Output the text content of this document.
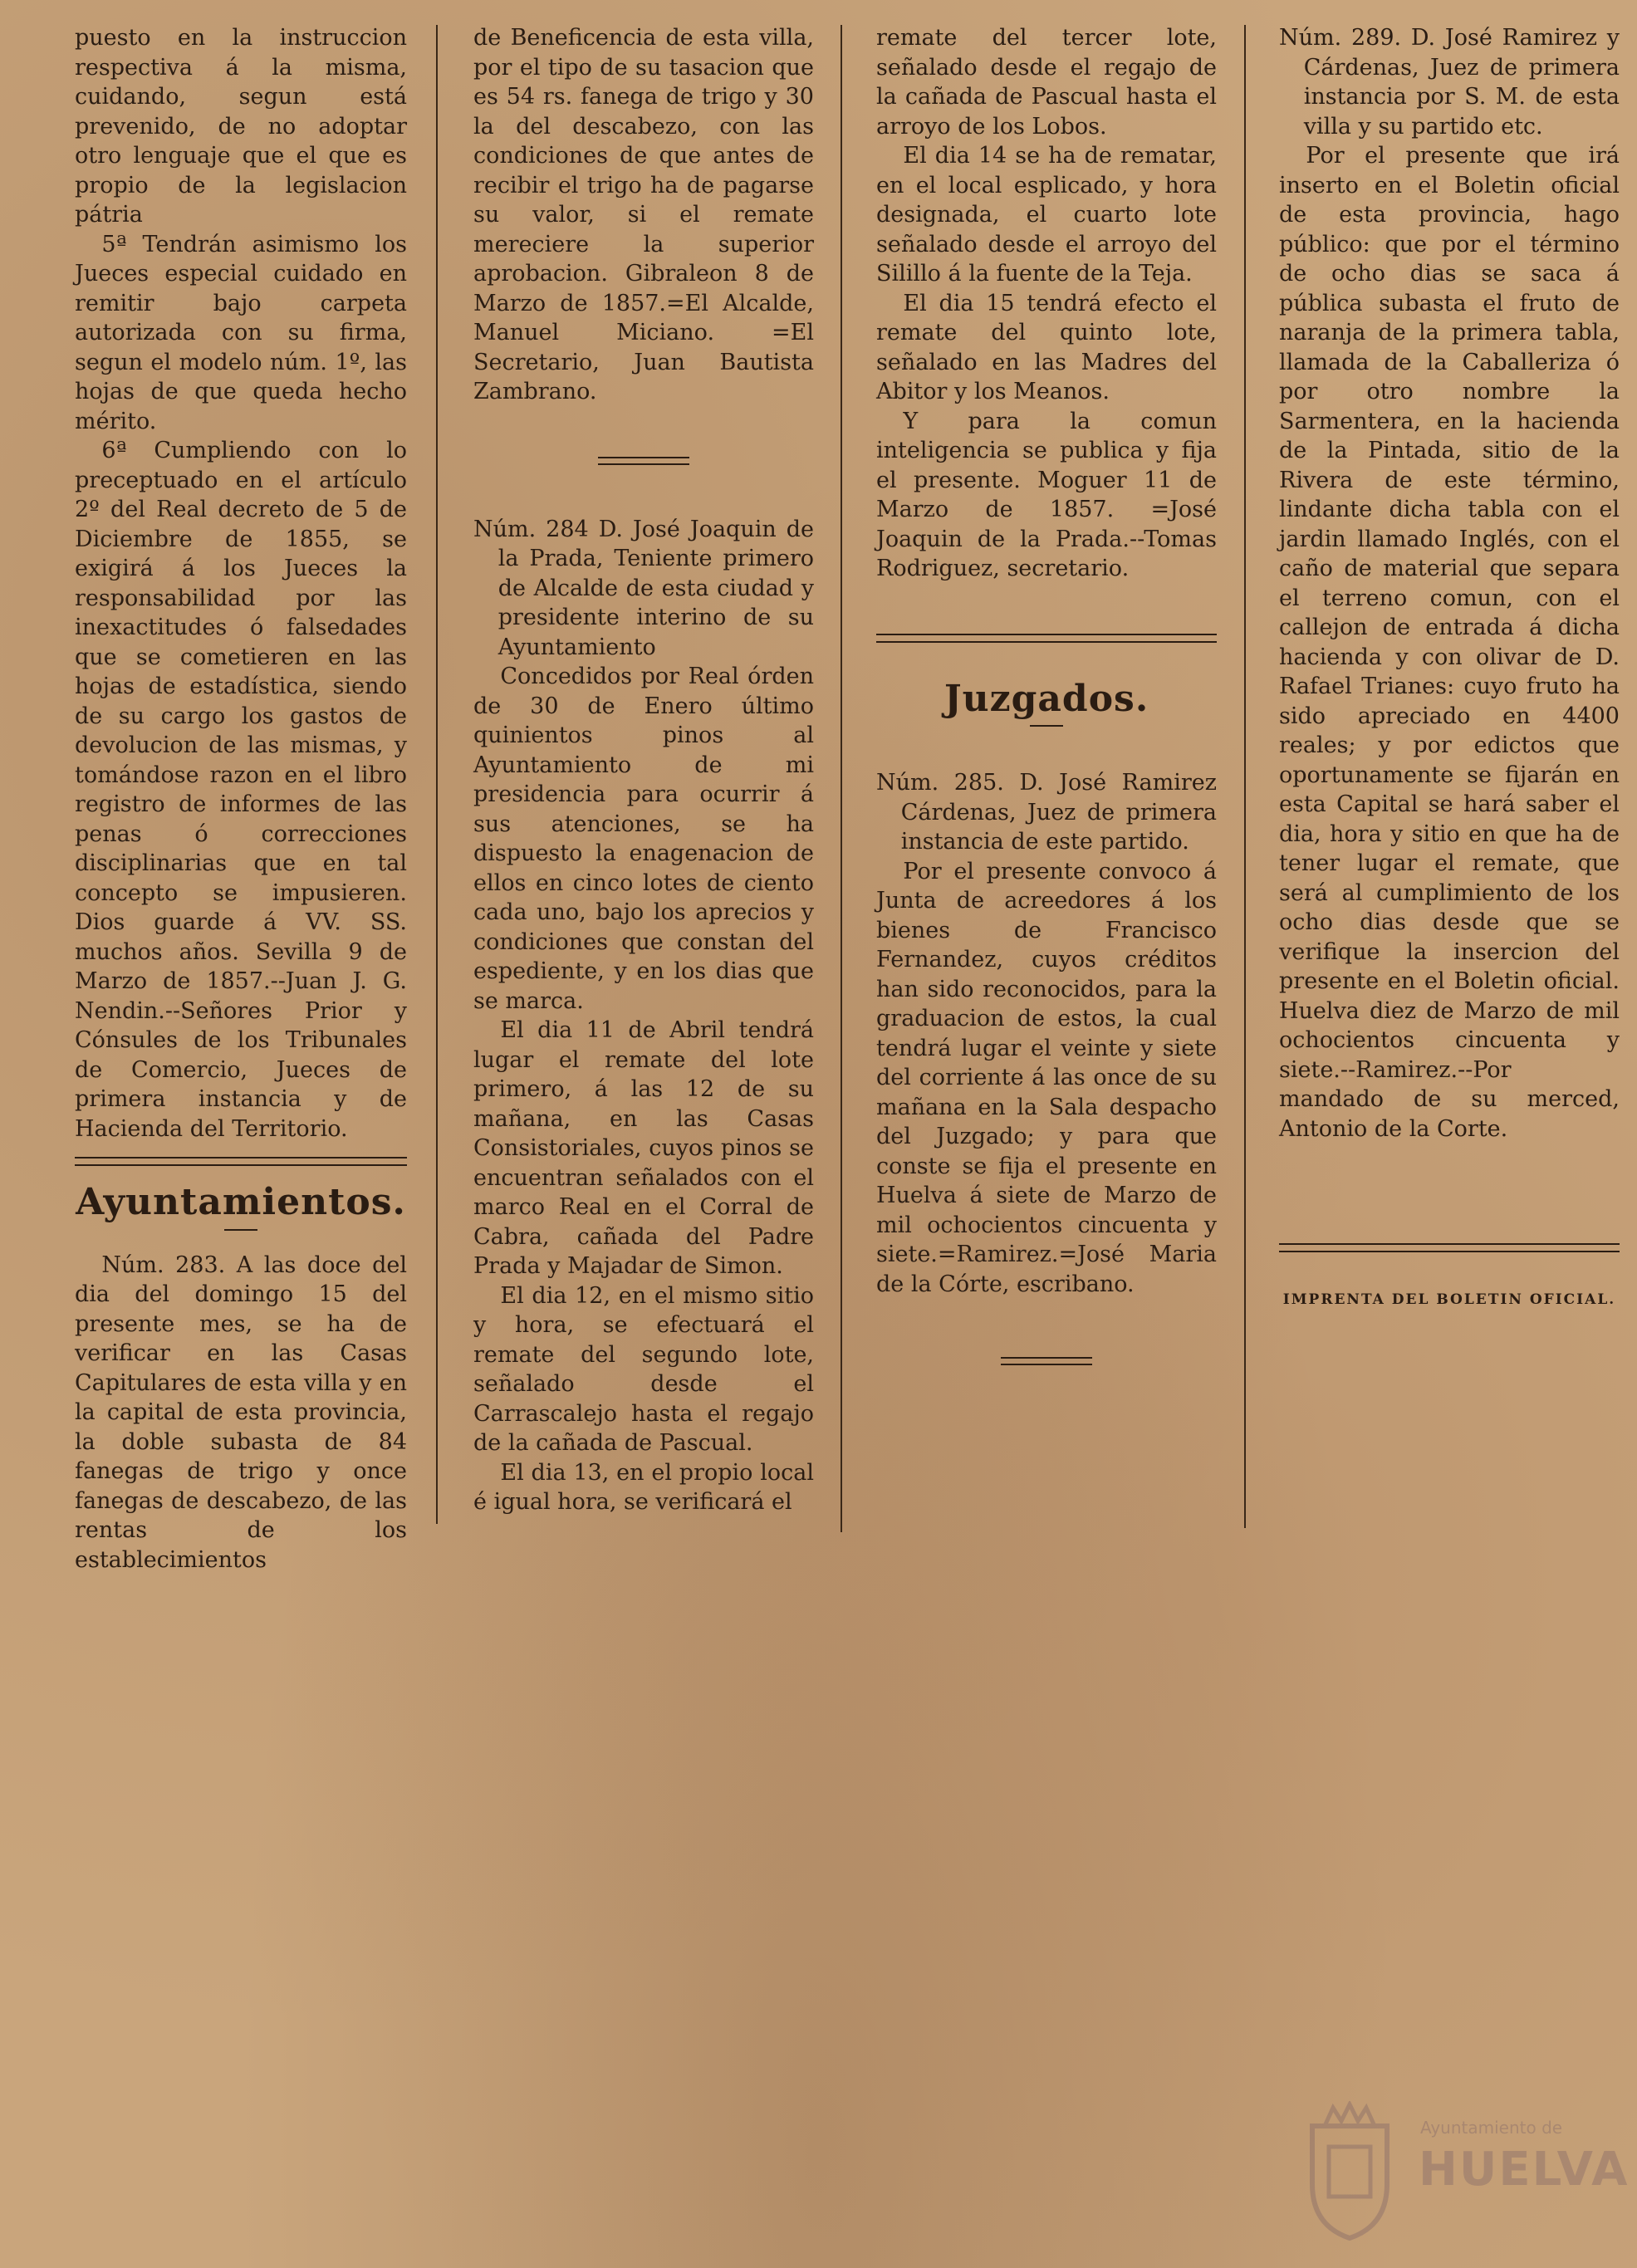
puesto en la instruccion respectiva á la misma, cuidando, segun está prevenido, de no adoptar otro lenguaje que el que es propio de la legislacion pátria

5ª Tendrán asimismo los Jueces especial cuidado en remitir bajo carpeta autorizada con su firma, segun el modelo núm. 1º, las hojas de que queda hecho mérito.

6ª Cumpliendo con lo preceptuado en el artículo 2º del Real decreto de 5 de Diciembre de 1855, se exigirá á los Jueces la responsabilidad por las inexactitudes ó falsedades que se cometieren en las hojas de estadística, siendo de su cargo los gastos de devolucion de las mismas, y tomándose razon en el libro registro de informes de las penas ó correcciones disciplinarias que en tal concepto se impusieren. Dios guarde á VV. SS. muchos años. Sevilla 9 de Marzo de 1857.--Juan J. G. Nendin.--Señores Prior y Cónsules de los Tribunales de Comercio, Jueces de primera instancia y de Hacienda del Territorio.

Ayuntamientos.

Núm. 283. A las doce del dia del domingo 15 del presente mes, se ha de verificar en las Casas Capitulares de esta villa y en la capital de esta provincia, la doble subasta de 84 fanegas de trigo y once fanegas de descabezo, de las rentas de los establecimientos

de Beneficencia de esta villa, por el tipo de su tasacion que es 54 rs. fanega de trigo y 30 la del descabezo, con las condiciones de que antes de recibir el trigo ha de pagarse su valor, si el remate mereciere la superior aprobacion. Gibraleon 8 de Marzo de 1857.=El Alcalde, Manuel Miciano. =El Secretario, Juan Bautista Zambrano.

Núm. 284 D. José Joaquin de la Prada, Teniente primero de Alcalde de esta ciudad y presidente interino de su Ayuntamiento

Concedidos por Real órden de 30 de Enero último quinientos pinos al Ayuntamiento de mi presidencia para ocurrir á sus atenciones, se ha dispuesto la enagenacion de ellos en cinco lotes de ciento cada uno, bajo los aprecios y condiciones que constan del espediente, y en los dias que se marca.

El dia 11 de Abril tendrá lugar el remate del lote primero, á las 12 de su mañana, en las Casas Consistoriales, cuyos pinos se encuentran señalados con el marco Real en el Corral de Cabra, cañada del Padre Prada y Majadar de Simon.

El dia 12, en el mismo sitio y hora, se efectuará el remate del segundo lote, señalado desde el Carrascalejo hasta el regajo de la cañada de Pascual.

El dia 13, en el propio local é igual hora, se verificará el

remate del tercer lote, señalado desde el regajo de la cañada de Pascual hasta el arroyo de los Lobos.

El dia 14 se ha de rematar, en el local esplicado, y hora designada, el cuarto lote señalado desde el arroyo del Silillo á la fuente de la Teja.

El dia 15 tendrá efecto el remate del quinto lote, señalado en las Madres del Abitor y los Meanos.

Y para la comun inteligencia se publica y fija el presente. Moguer 11 de Marzo de 1857. =José Joaquin de la Prada.--Tomas Rodriguez, secretario.

Juzgados.

Núm. 285. D. José Ramirez Cárdenas, Juez de primera instancia de este partido.

Por el presente convoco á Junta de acreedores á los bienes de Francisco Fernandez, cuyos créditos han sido reconocidos, para la graduacion de estos, la cual tendrá lugar el veinte y siete del corriente á las once de su mañana en la Sala despacho del Juzgado; y para que conste se fija el presente en Huelva á siete de Marzo de mil ochocientos cincuenta y siete.=Ramirez.=José Maria de la Córte, escribano.

Núm. 289. D. José Ramirez y Cárdenas, Juez de primera instancia por S. M. de esta villa y su partido etc.

Por el presente que irá inserto en el Boletin oficial de esta provincia, hago público: que por el término de ocho dias se saca á pública subasta el fruto de naranja de la primera tabla, llamada de la Caballeriza ó por otro nombre la Sarmentera, en la hacienda de la Pintada, sitio de la Rivera de este término, lindante dicha tabla con el jardin llamado Inglés, con el caño de material que separa el terreno comun, con el callejon de entrada á dicha hacienda y con olivar de D. Rafael Trianes: cuyo fruto ha sido apreciado en 4400 reales; y por edictos que oportunamente se fijarán en esta Capital se hará saber el dia, hora y sitio en que ha de tener lugar el remate, que será al cumplimiento de los ocho dias desde que se verifique la insercion del presente en el Boletin oficial. Huelva diez de Marzo de mil ochocientos cincuenta y siete.--Ramirez.--Por mandado de su merced, Antonio de la Corte.

IMPRENTA DEL BOLETIN OFICIAL.
Ayuntamiento de
HUELVA
